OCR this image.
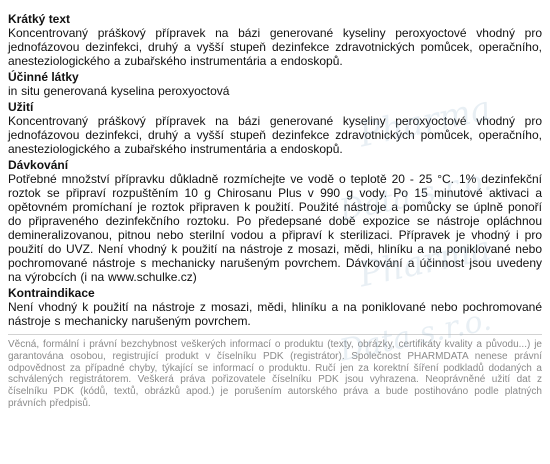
Pharma
Data s.r.o.
Pharma
Data s.r.o.
Krátký text

Koncentrovaný práškový přípravek na bázi generované kyseliny peroxyoctové vhodný pro jednofázovou dezinfekci, druhý a vyšší stupeň dezinfekce zdravotnických pomůcek, operačního, anesteziologického a zubařského instrumentária a endoskopů.

Účinné látky

in situ generovaná kyselina peroxyoctová

Užití

Koncentrovaný práškový přípravek na bázi generované kyseliny peroxyoctové vhodný pro jednofázovou dezinfekci, druhý a vyšší stupeň dezinfekce zdravotnických pomůcek, operačního, anesteziologického a zubařského instrumentária a endoskopů.

Dávkování

Potřebné množství přípravku důkladně rozmíchejte ve vodě o teplotě 20 - 25 °C. 1% dezinfekční roztok se připraví rozpuštěním 10 g Chirosanu Plus v 990 g vody. Po 15 minutové aktivaci a opětovném promíchaní je roztok připraven k použití. Použité nástroje a pomůcky se úplně ponoří do připraveného dezinfekčního roztoku. Po předepsané době expozice se nástroje opláchnou demineralizovanou, pitnou nebo sterilní vodou a připraví k sterilizaci. Přípravek je vhodný i pro použití do UVZ. Není vhodný k použití na nástroje z mosazi, mědi, hliníku a na poniklované nebo pochromované nástroje s mechanicky narušeným povrchem. Dávkování a účinnost jsou uvedeny na výrobcích (i na www.schulke.cz)

Kontraindikace

Není vhodný k použití na nástroje z mosazi, mědi, hliníku a na poniklované nebo pochromované nástroje s mechanicky narušeným povrchem.

Věcná, formální i právní bezchybnost veškerých informací o produktu (texty, obrázky, certifikáty kvality a původu...) je garantována osobou, registrující produkt v číselníku PDK (registrátor). Společnost PHARMDATA nenese právní odpovědnost za případné chyby, týkající se informací o produktu. Ručí jen za korektní šíření podkladů dodaných a schválených registrátorem. Veškerá práva pořizovatele číselníku PDK jsou vyhrazena. Neoprávněné užití dat z číselníku PDK (kódů, textů, obrázků apod.) je porušením autorského práva a bude postihováno podle platných právních předpisů.
